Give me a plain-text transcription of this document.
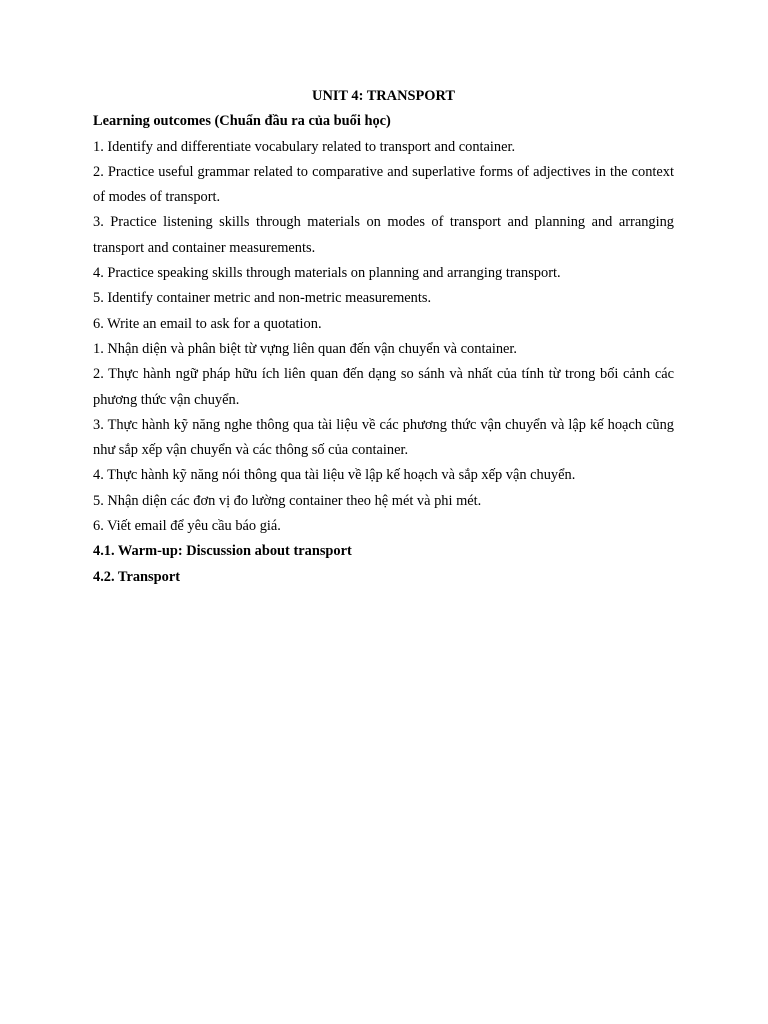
UNIT 4: TRANSPORT

Learning outcomes (Chuẩn đầu ra của buổi học)

1. Identify and differentiate vocabulary related to transport and container.

2. Practice useful grammar related to comparative and superlative forms of adjectives in the context of modes of transport.

3. Practice listening skills through materials on modes of transport and planning and arranging transport and container measurements.

4. Practice speaking skills through materials on planning and arranging transport.

5. Identify container metric and non-metric measurements.

6. Write an email to ask for a quotation.

1. Nhận diện và phân biệt từ vựng liên quan đến vận chuyển và container.

2. Thực hành ngữ pháp hữu ích liên quan đến dạng so sánh và nhất của tính từ trong bối cảnh các phương thức vận chuyển.

3. Thực hành kỹ năng nghe thông qua tài liệu về các phương thức vận chuyển và lập kế hoạch cũng như sắp xếp vận chuyển và các thông số của container.

4. Thực hành kỹ năng nói thông qua tài liệu về lập kế hoạch và sắp xếp vận chuyển.

5. Nhận diện các đơn vị đo lường container theo hệ mét và phi mét.

6. Viết email để yêu cầu báo giá.

4.1. Warm-up: Discussion about transport

4.2. Transport
